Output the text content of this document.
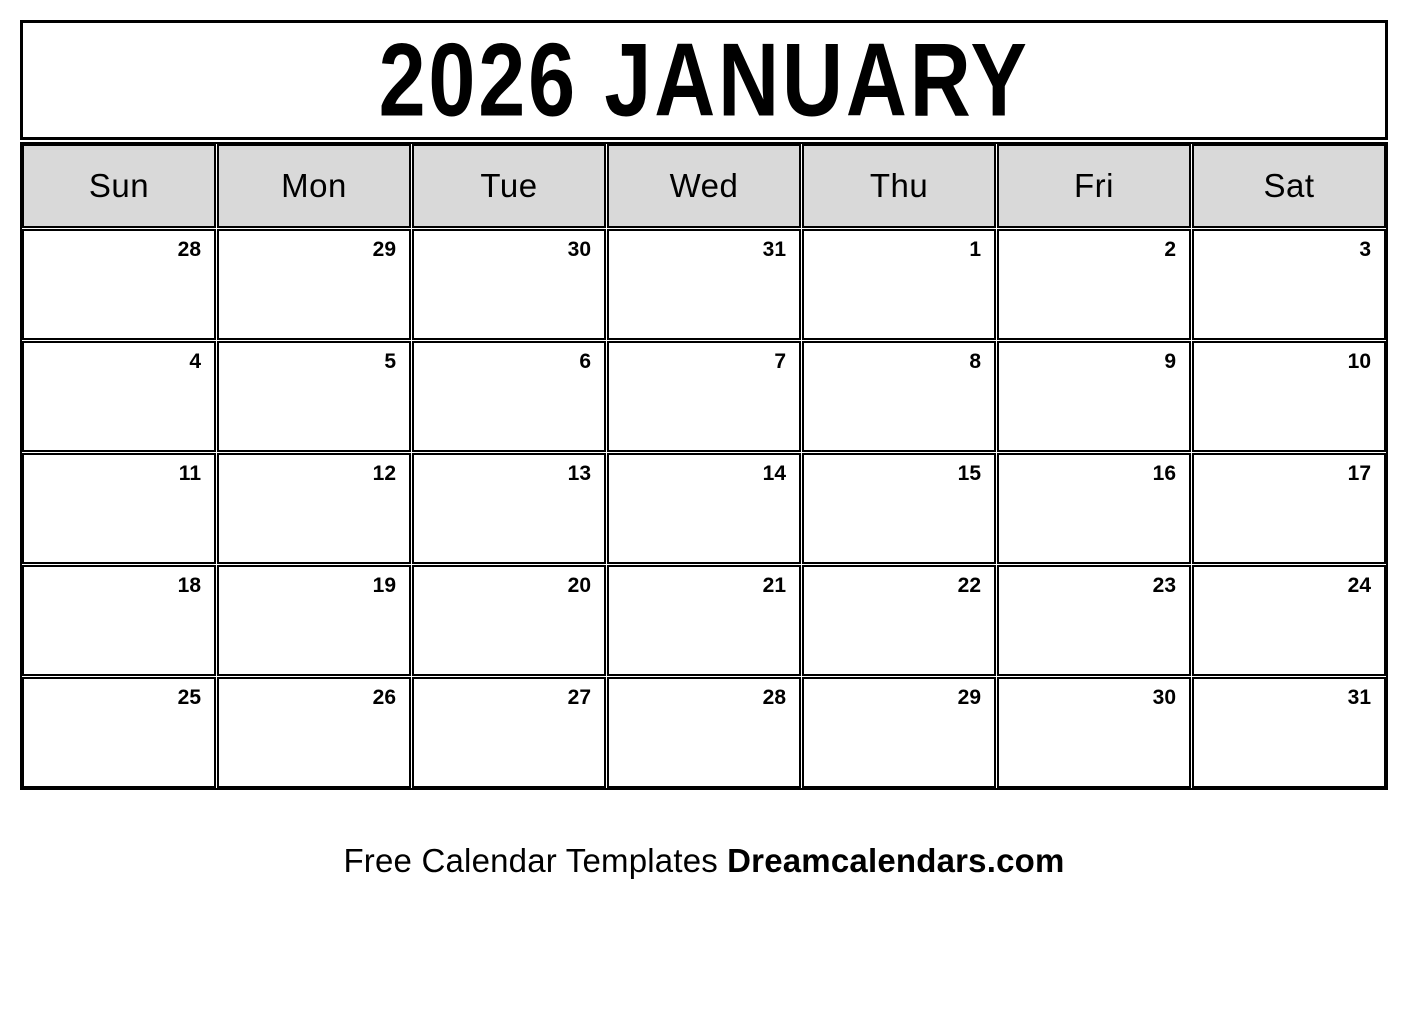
2026 JANUARY
Sun	Mon	Tue	Wed	Thu	Fri	Sat
28	29	30	31	1	2	3
4	5	6	7	8	9	10
11	12	13	14	15	16	17
18	19	20	21	22	23	24
25	26	27	28	29	30	31
Free Calendar Templates Dreamcalendars.com
